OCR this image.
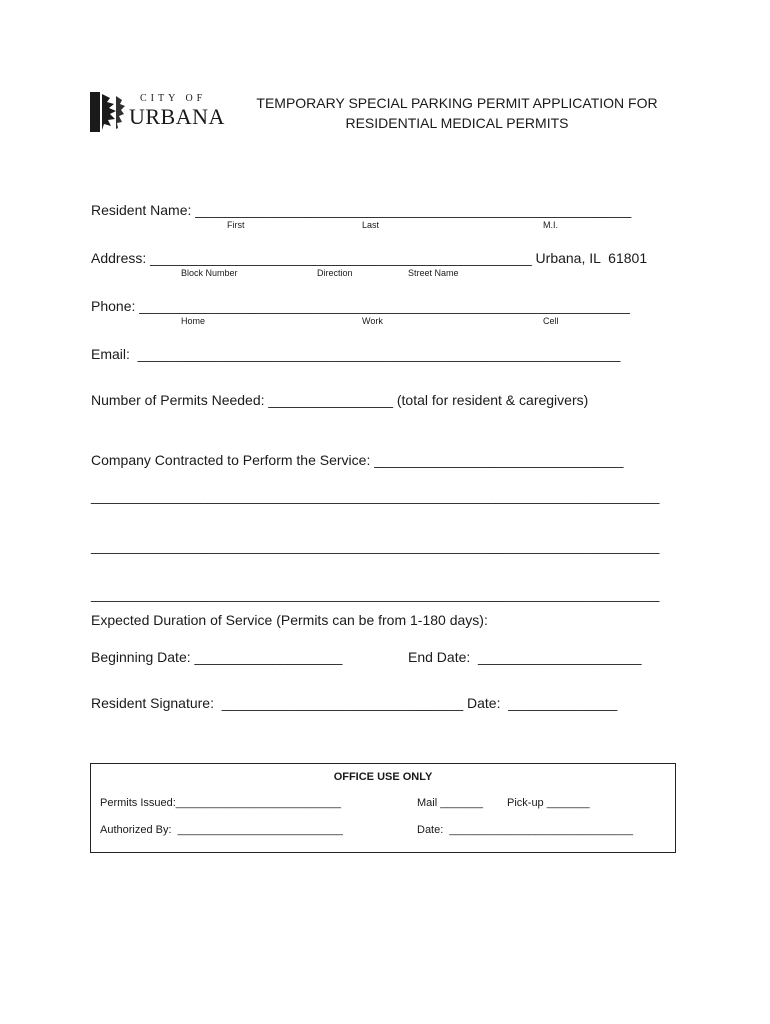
CITY OF
URBANA
TEMPORARY SPECIAL PARKING PERMIT APPLICATION FOR
RESIDENTIAL MEDICAL PERMITS
Resident Name: ________________________________________________________
First	Last	M.I.
Address: _________________________________________________ Urbana, IL  61801
Block Number	Direction	Street Name
Phone: _______________________________________________________________
Home	Work	Cell
Email:  ______________________________________________________________
Number of Permits Needed: ________________ (total for resident & caregivers)
Company Contracted to Perform the Service: ________________________________
_________________________________________________________________________
_________________________________________________________________________
_________________________________________________________________________
Expected Duration of Service (Permits can be from 1-180 days):
Beginning Date: ___________________	End Date:  _____________________
Resident Signature:  _______________________________ Date:  ______________
OFFICE USE ONLY
Permits Issued:___________________________	Mail _______ Pick-up _______
Authorized By:  ___________________________	Date:  ______________________________
